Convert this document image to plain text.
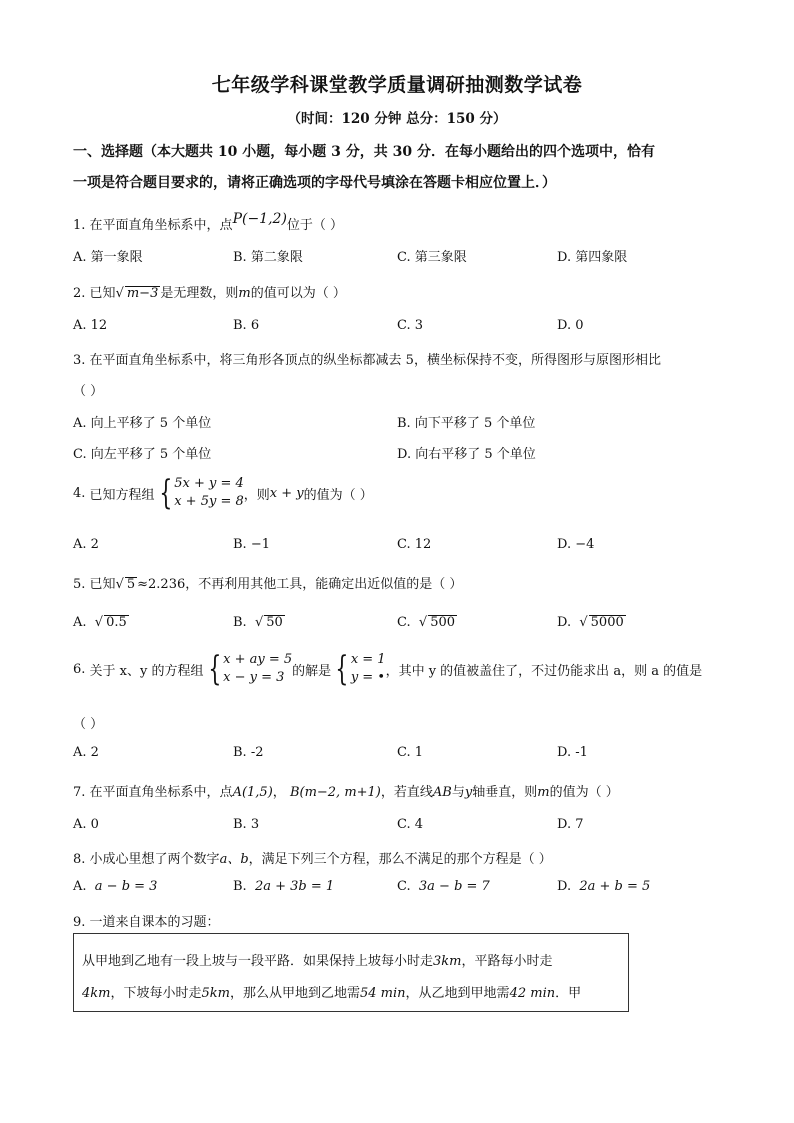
七年级学科课堂教学质量调研抽测数学试卷
（时间：120 分钟 总分：150 分）
一、选择题（本大题共 10 小题，每小题 3 分，共 30 分．在每小题给出的四个选项中，恰有
一项是符合题目要求的，请将正确选项的字母代号填涂在答题卡相应位置上．）
1. 在平面直角坐标系中，点P(−1,2)位于（ ）
A. 第一象限	B. 第二象限	C. 第三象限	D. 第四象限
2. 已知√ m−3 是无理数，则m的值可以为（ ）
A. 12	B. 6	C. 3	D. 0
3. 在平面直角坐标系中，将三角形各顶点的纵坐标都减去 5，横坐标保持不变，所得图形与原图形相比
（ ）
A. 向上平移了 5 个单位	B. 向下平移了 5 个单位
C. 向左平移了 5 个单位	D. 向右平移了 5 个单位
4.
已知方程组 { 5x + y = 4
x + 5y = 8 ，则 x + y 的值为（ ）
A. 2	B. −1	C. 12	D. −4
5. 已知√ 5 ≈2.236，不再利用其他工具，能确定出近似值的是（ ）
A. √ 0.5	B. √ 50	C. √ 500	D. √ 5000
6.
关于 x、y 的方程组 { x + ay = 5
x − y = 3 的解是 { x = 1
y = • ，其中 y 的值被盖住了，不过仍能求出 a，则 a 的值是
（ ）
A. 2	B. -2	C. 1	D. -1
7. 在平面直角坐标系中，点A(1,5)， B(m−2, m+1)，若直线AB与y轴垂直，则m的值为（ ）
A. 0	B. 3	C. 4	D. 7
8. 小成心里想了两个数字a、b，满足下列三个方程，那么不满足的那个方程是（ ）
A. a − b = 3	B. 2a + 3b = 1	C. 3a − b = 7	D. 2a + b = 5
9. 一道来自课本的习题：
从甲地到乙地有一段上坡与一段平路．如果保持上坡每小时走3km，平路每小时走
4km，下坡每小时走5km，那么从甲地到乙地需54 min，从乙地到甲地需42 min．甲
